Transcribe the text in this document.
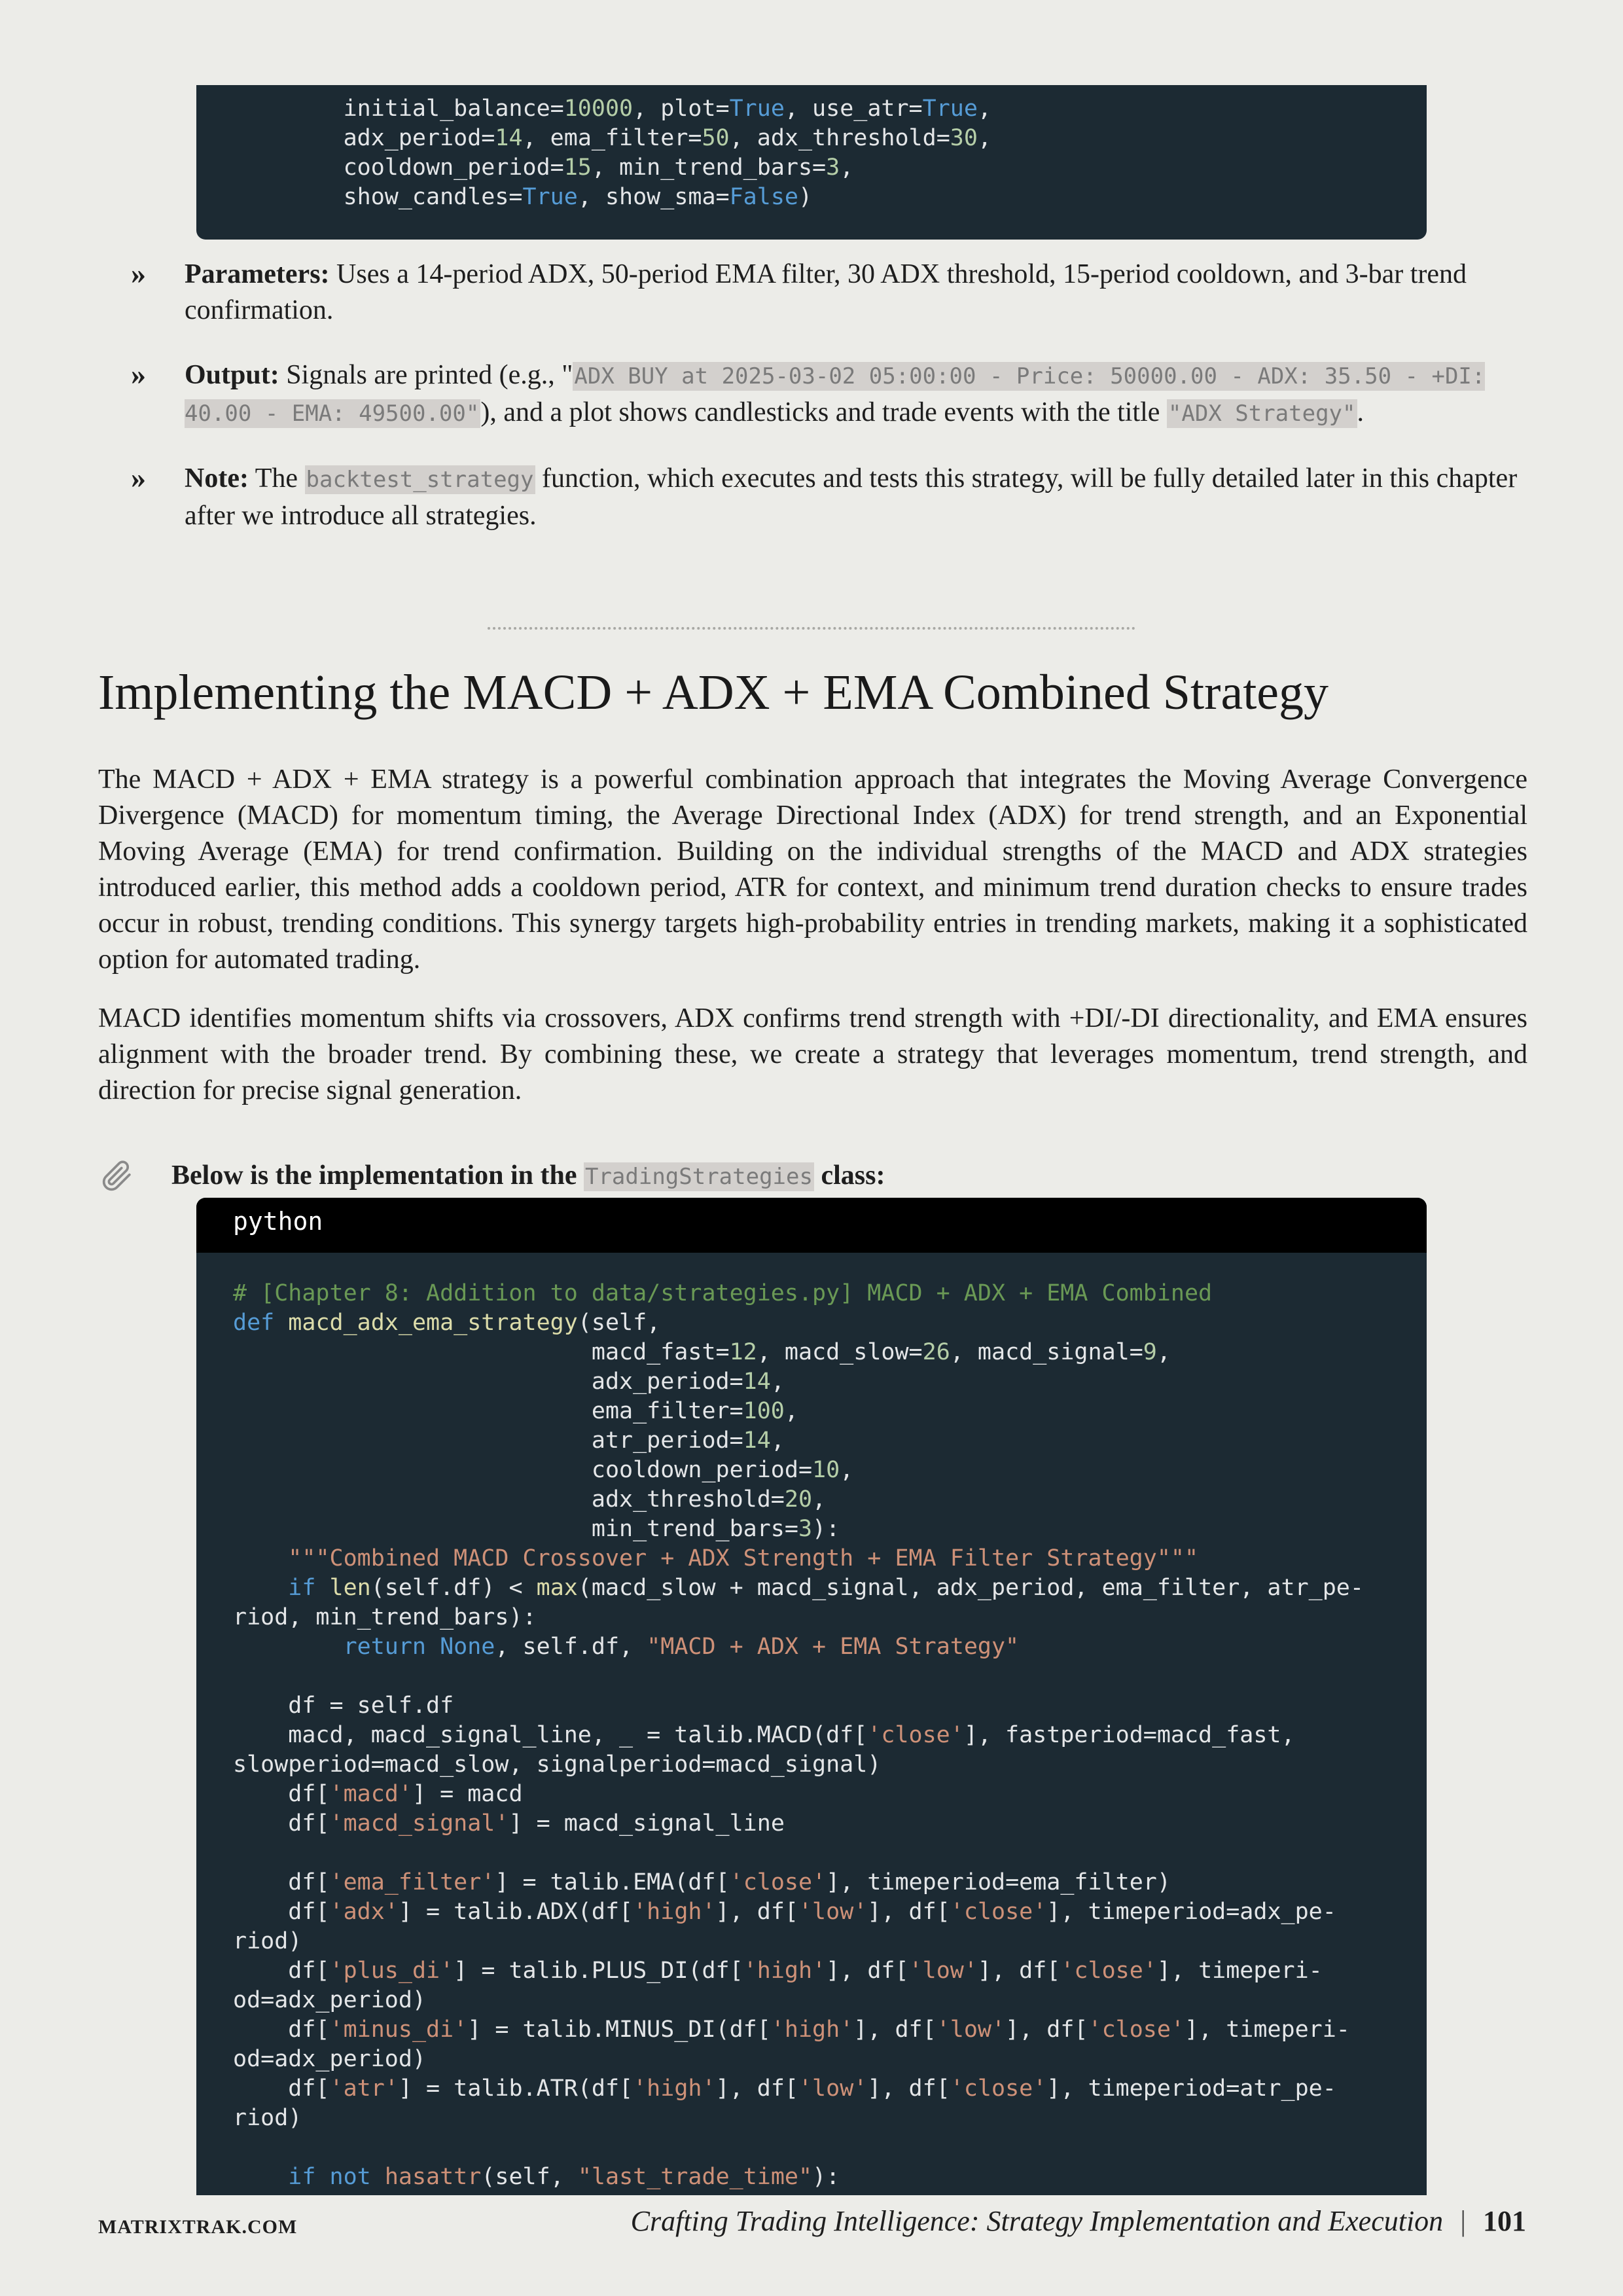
initial_balance=10000, plot=True, use_atr=True,
adx_period=14, ema_filter=50, adx_threshold=30,
cooldown_period=15, min_trend_bars=3,
show_candles=True, show_sma=False)
» Parameters: Uses a 14-period ADX, 50-period EMA filter, 30 ADX threshold, 15-period cooldown, and 3-bar trend confirmation.
» Output: Signals are printed (e.g., "ADX BUY at 2025-03-02 05:00:00 - Price: 50000.00 - ADX: 35.50 - +DI: 40.00 - EMA: 49500.00"), and a plot shows candlesticks and trade events with the title "ADX Strategy".
» Note: The backtest_strategy function, which executes and tests this strategy, will be fully detailed later in this chapter after we introduce all strategies.
Implementing the MACD + ADX + EMA Combined Strategy

The MACD + ADX + EMA strategy is a powerful combination approach that integrates the Moving Average Convergence Divergence (MACD) for momentum timing, the Average Directional Index (ADX) for trend strength, and an Exponential Moving Average (EMA) for trend confirmation. Building on the individual strengths of the MACD and ADX strategies introduced earlier, this method adds a cooldown period, ATR for context, and minimum trend duration checks to ensure trades occur in robust, trending conditions. This synergy targets high-probability entries in trending markets, making it a sophisticated option for automated trading.

MACD identifies momentum shifts via crossovers, ADX confirms trend strength with +DI/-DI directionality, and EMA ensures alignment with the broader trend. By combining these, we create a strategy that leverages momentum, trend strength, and direction for precise signal generation.

Below is the implementation in the TradingStrategies class:
python
# [Chapter 8: Addition to data/strategies.py] MACD + ADX + EMA Combined
def macd_adx_ema_strategy(self,
macd_fast=12, macd_slow=26, macd_signal=9,
adx_period=14,
ema_filter=100,
atr_period=14,
cooldown_period=10,
adx_threshold=20,
min_trend_bars=3):
"""Combined MACD Crossover + ADX Strength + EMA Filter Strategy"""
if len(self.df) < max(macd_slow + macd_signal, adx_period, ema_filter, atr_pe-
riod, min_trend_bars):
return None, self.df, "MACD + ADX + EMA Strategy"
df = self.df
macd, macd_signal_line, _ = talib.MACD(df['close'], fastperiod=macd_fast,
slowperiod=macd_slow, signalperiod=macd_signal)
df['macd'] = macd
df['macd_signal'] = macd_signal_line
df['ema_filter'] = talib.EMA(df['close'], timeperiod=ema_filter)
df['adx'] = talib.ADX(df['high'], df['low'], df['close'], timeperiod=adx_pe-
riod)
df['plus_di'] = talib.PLUS_DI(df['high'], df['low'], df['close'], timeperi-
od=adx_period)
df['minus_di'] = talib.MINUS_DI(df['high'], df['low'], df['close'], timeperi-
od=adx_period)
df['atr'] = talib.ATR(df['high'], df['low'], df['close'], timeperiod=atr_pe-
riod)
if not hasattr(self, "last_trade_time"):
MATRIXTRAK.COM	Crafting Trading Intelligence: Strategy Implementation and Execution | 101
